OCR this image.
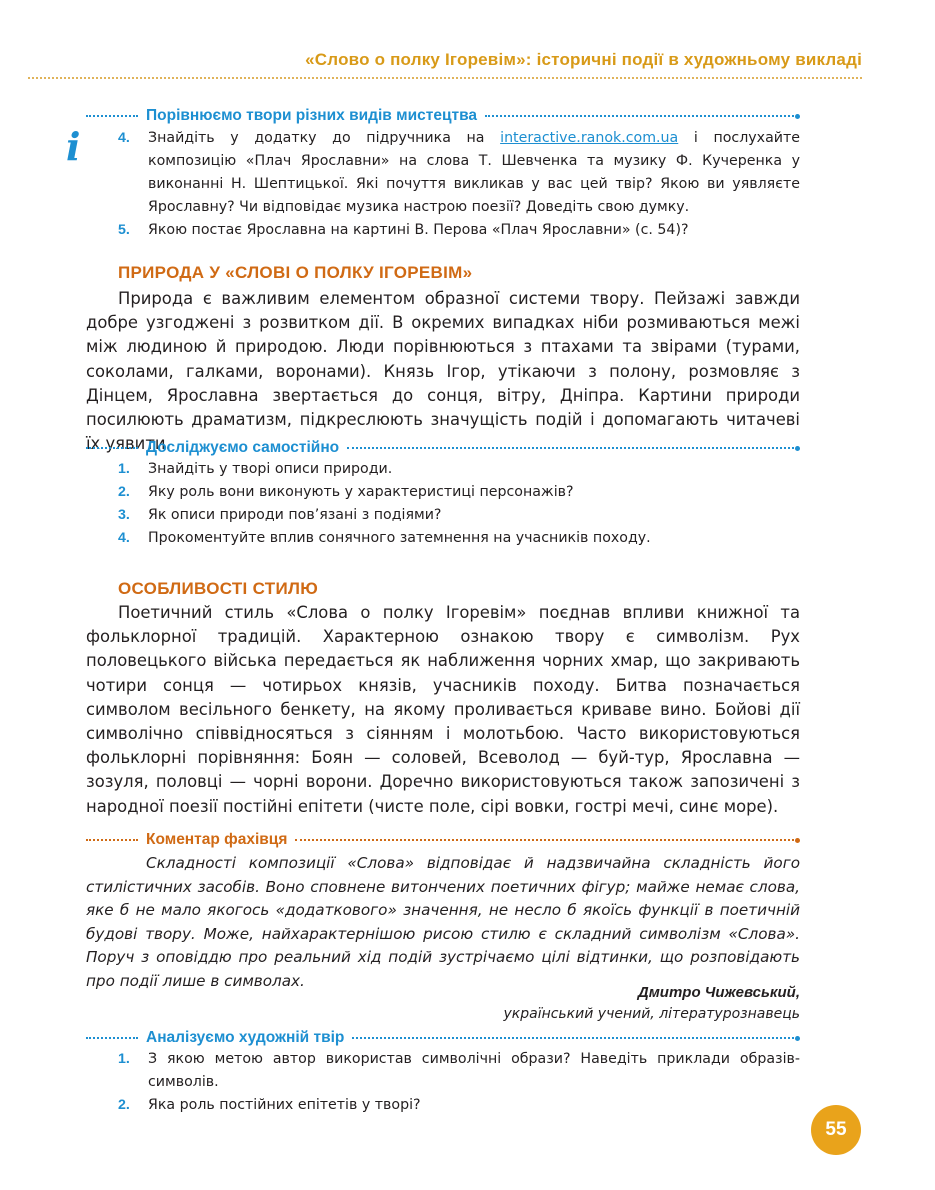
«Слово о полку Ігоревім»: історичні події в художньому викладі
Порівнюємо твори різних видів мистецтва
i	4. Знайдіть у додатку до підручника на interactive.ranok.com.ua і послухайте композицію «Плач Ярославни» на слова Т. Шевченка та музику Ф. Кучеренка у виконанні Н. Шептицької. Які почуття викликав у вас цей твір? Якою ви уявляєте Ярославну? Чи відповідає музика настрою поезії? Доведіть свою думку.
5. Якою постає Ярославна на картині В. Перова «Плач Ярославни» (с. 54)?
ПРИРОДА У «СЛОВІ О ПОЛКУ ІГОРЕВІМ»

Природа є важливим елементом образної системи твору. Пейзажі завжди добре узгоджені з розвитком дії. В окремих випадках ніби розмиваються межі між людиною й природою. Люди порівнюються з птахами та звірами (турами, соколами, галками, воронами). Князь Ігор, утікаючи з полону, розмовляє з Дінцем, Ярославна звертається до сонця, вітру, Дніпра. Картини природи посилюють драматизм, підкреслюють значущість подій і допомагають читачеві їх уявити.

Досліджуємо самостійно
1. Знайдіть у творі описи природи.
2. Яку роль вони виконують у характеристиці персонажів?
3. Як описи природи пов’язані з подіями?
4. Прокоментуйте вплив сонячного затемнення на учасників походу.
ОСОБЛИВОСТІ СТИЛЮ

Поетичний стиль «Слова о полку Ігоревім» поєднав впливи книжної та фольклорної традицій. Характерною ознакою твору є символізм. Рух половецького війська передається як наближення чорних хмар, що закривають чотири сонця — чотирьох князів, учасників походу. Битва позначається символом весільного бенкету, на якому проливається криваве вино. Бойові дії символічно співвідносяться з сіянням і молотьбою. Часто використовуються фольклорні порівняння: Боян — соловей, Всеволод — буй-тур, Ярославна — зозуля, половці — чорні ворони. Доречно використовуються також запозичені з народної поезії постійні епітети (чисте поле, сірі вовки, гострі мечі, синє море).

Коментар фахівця

Складності композиції «Слова» відповідає й надзвичайна складність його стилістичних засобів. Воно сповнене витончених поетичних фігур; майже немає слова, яке б не мало якогось «додаткового» значення, не несло б якоїсь функції в поетичній будові твору. Може, найхарактернішою рисою стилю є складний символізм «Слова». Поруч з оповіддю про реальний хід подій зустрічаємо цілі відтинки, що розповідають про події лише в символах.

Дмитро Чижевський,
український учений, літературознавець
Аналізуємо художній твір
1. З якою метою автор використав символічні образи? Наведіть приклади образів-символів.
2. Яка роль постійних епітетів у творі?
55
